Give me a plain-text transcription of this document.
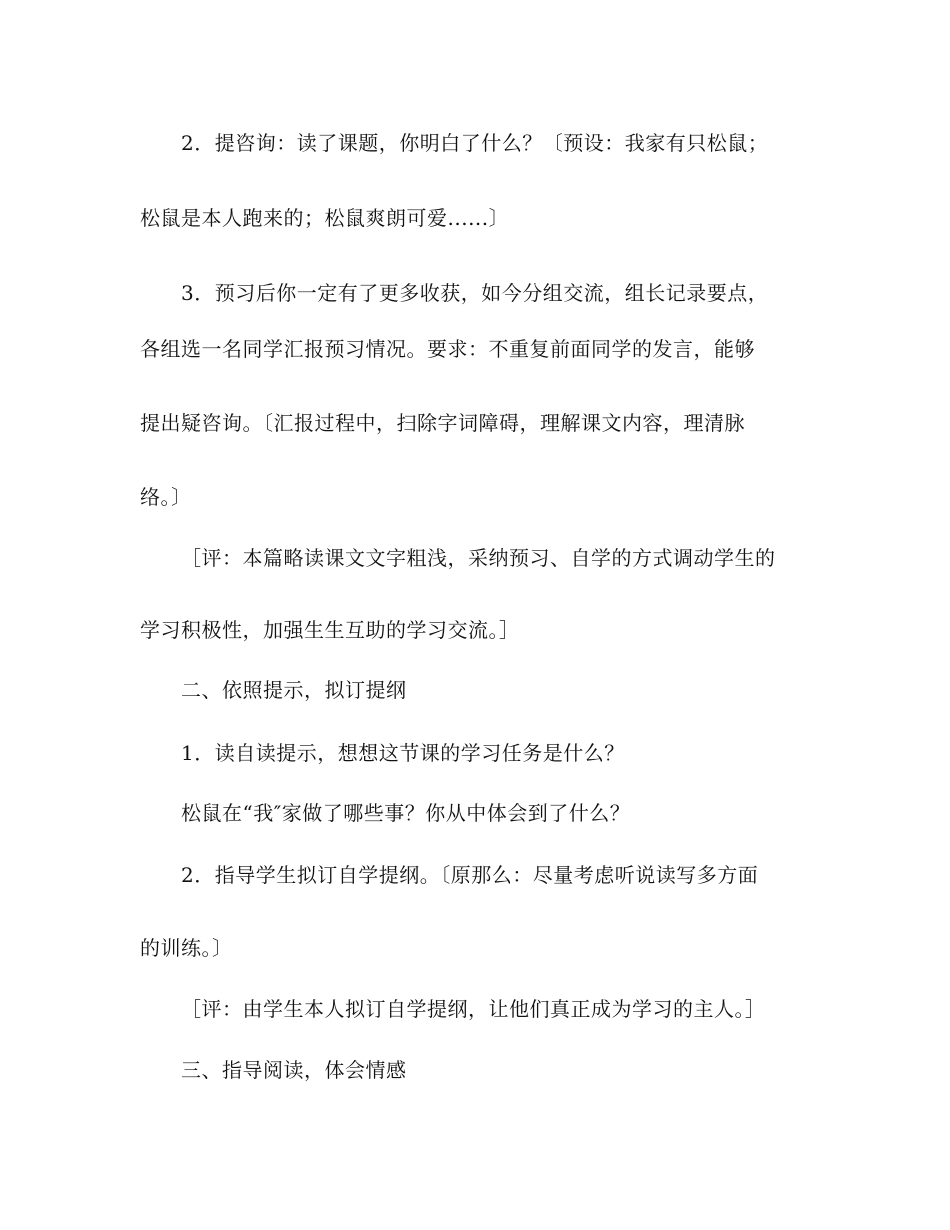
2．提咨询：读了课题，你明白了什么？〔预设：我家有只松鼠；
松鼠是本人跑来的；松鼠爽朗可爱......〕
3．预习后你一定有了更多收获，如今分组交流，组长记录要点，
各组选一名同学汇报预习情况。要求：不重复前面同学的发言，能够
提出疑咨询。〔汇报过程中，扫除字词障碍，理解课文内容，理清脉
络。〕
［评：本篇略读课文文字粗浅，采纳预习、自学的方式调动学生的
学习积极性，加强生生互助的学习交流。］
二、依照提示，拟订提纲
1．读自读提示，想想这节课的学习任务是什么？
松鼠在“我″家做了哪些事？你从中体会到了什么？
2．指导学生拟订自学提纲。〔原那么：尽量考虑听说读写多方面
的训练。〕
［评：由学生本人拟订自学提纲，让他们真正成为学习的主人。］
三、指导阅读，体会情感
